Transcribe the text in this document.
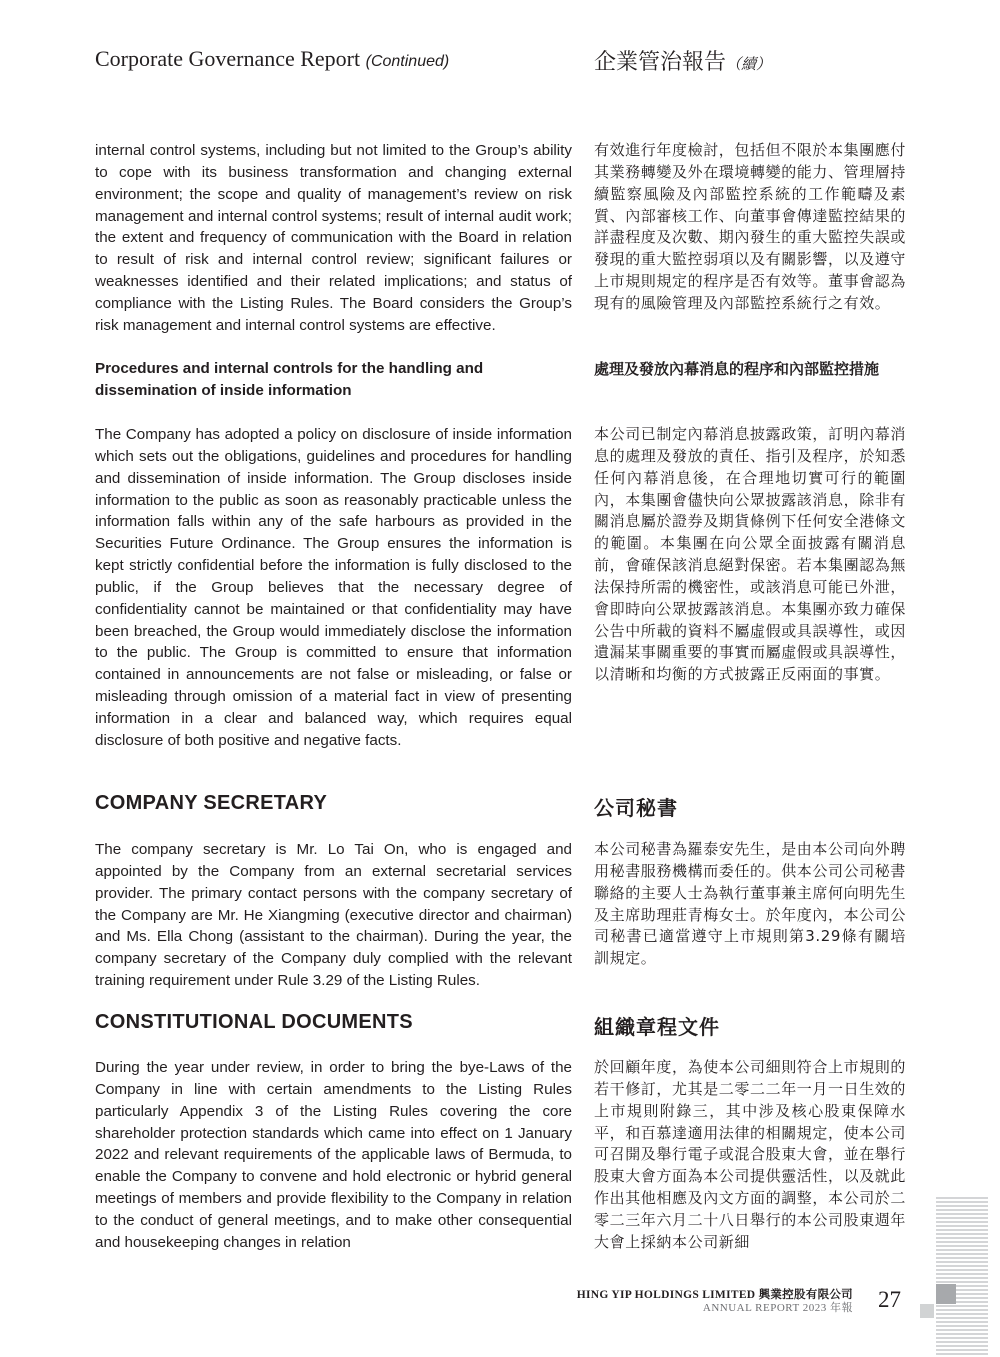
Corporate Governance Report (Continued)	企業管治報告（續）

internal control systems, including but not limited to the Group’s ability to cope with its business transformation and changing external environment; the scope and quality of management’s review on risk management and internal control systems; result of internal audit work; the extent and frequency of communication with the Board in relation to result of risk and internal control review; significant failures or weaknesses identified and their related implications; and status of compliance with the Listing Rules. The Board considers the Group’s risk management and internal control systems are effective.

有效進行年度檢討，包括但不限於本集團應付其業務轉變及外在環境轉變的能力、管理層持續監察風險及內部監控系統的工作範疇及素質、內部審核工作、向董事會傳達監控結果的詳盡程度及次數、期內發生的重大監控失誤或發現的重大監控弱項以及有關影響，以及遵守上市規則規定的程序是否有效等。董事會認為現有的風險管理及內部監控系統行之有效。

Procedures and internal controls for the handling and dissemination of inside information

處理及發放內幕消息的程序和內部監控措施

The Company has adopted a policy on disclosure of inside information which sets out the obligations, guidelines and procedures for handling and dissemination of inside information. The Group discloses inside information to the public as soon as reasonably practicable unless the information falls within any of the safe harbours as provided in the Securities Future Ordinance. The Group ensures the information is kept strictly confidential before the information is fully disclosed to the public, if the Group believes that the necessary degree of confidentiality cannot be maintained or that confidentiality may have been breached, the Group would immediately disclose the information to the public. The Group is committed to ensure that information contained in announcements are not false or misleading, or false or misleading through omission of a material fact in view of presenting information in a clear and balanced way, which requires equal disclosure of both positive and negative facts.

本公司已制定內幕消息披露政策，訂明內幕消息的處理及發放的責任、指引及程序，於知悉任何內幕消息後，在合理地切實可行的範圍內，本集團會儘快向公眾披露該消息，除非有關消息屬於證券及期貨條例下任何安全港條文的範圍。本集團在向公眾全面披露有關消息前，會確保該消息絕對保密。若本集團認為無法保持所需的機密性，或該消息可能已外泄，會即時向公眾披露該消息。本集團亦致力確保公告中所載的資料不屬虛假或具誤導性，或因遺漏某事關重要的事實而屬虛假或具誤導性，以清晰和均衡的方式披露正反兩面的事實。

COMPANY SECRETARY	公司秘書

The company secretary is Mr. Lo Tai On, who is engaged and appointed by the Company from an external secretarial services provider. The primary contact persons with the company secretary of the Company are Mr. He Xiangming (executive director and chairman) and Ms. Ella Chong (assistant to the chairman). During the year, the company secretary of the Company duly complied with the relevant training requirement under Rule 3.29 of the Listing Rules.

本公司秘書為羅泰安先生，是由本公司向外聘用秘書服務機構而委任的。供本公司公司秘書聯絡的主要人士為執行董事兼主席何向明先生及主席助理莊青梅女士。於年度內，本公司公司秘書已適當遵守上市規則第3.29條有關培訓規定。

CONSTITUTIONAL DOCUMENTS	組織章程文件

During the year under review, in order to bring the bye-Laws of the Company in line with certain amendments to the Listing Rules particularly Appendix 3 of the Listing Rules covering the core shareholder protection standards which came into effect on 1 January 2022 and relevant requirements of the applicable laws of Bermuda, to enable the Company to convene and hold electronic or hybrid general meetings of members and provide flexibility to the Company in relation to the conduct of general meetings, and to make other consequential and housekeeping changes in relation

於回顧年度，為使本公司細則符合上市規則的若干修訂，尤其是二零二二年一月一日生效的上市規則附錄三，其中涉及核心股東保障水平，和百慕達適用法律的相關規定，使本公司可召開及舉行電子或混合股東大會，並在舉行股東大會方面為本公司提供靈活性，以及就此作出其他相應及內文方面的調整，本公司於二零二三年六月二十八日舉行的本公司股東週年大會上採納本公司新細

HING YIP HOLDINGS LIMITED 興業控股有限公司
ANNUAL REPORT 2023 年報 27
